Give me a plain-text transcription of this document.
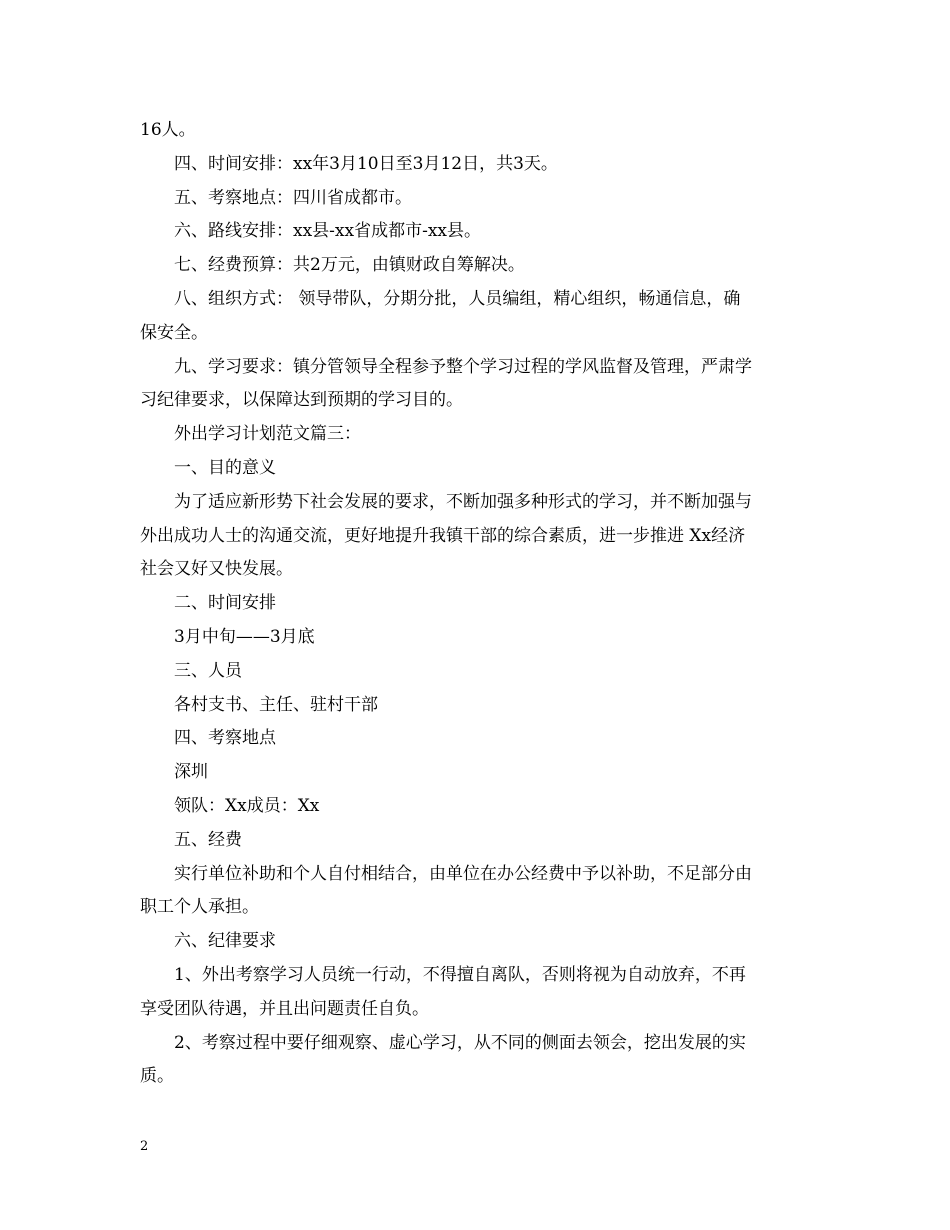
16人。
四、时间安排：xx年3月10日至3月12日，共3天。
五、考察地点：四川省成都市。
六、路线安排：xx县-xx省成都市-xx县。
七、经费预算：共2万元，由镇财政自筹解决。
八、组织方式： 领导带队，分期分批，人员编组，精心组织，畅通信息，确
保安全。
九、学习要求：镇分管领导全程参予整个学习过程的学风监督及管理，严肃学
习纪律要求，以保障达到预期的学习目的。
外出学习计划范文篇三：
一、目的意义
为了适应新形势下社会发展的要求，不断加强多种形式的学习，并不断加强与
外出成功人士的沟通交流，更好地提升我镇干部的综合素质，进一步推进 Xx经济
社会又好又快发展。
二、时间安排
3月中旬——3月底
三、人员
各村支书、主任、驻村干部
四、考察地点
深圳
领队：Xx成员：Xx
五、经费
实行单位补助和个人自付相结合，由单位在办公经费中予以补助，不足部分由
职工个人承担。
六、纪律要求
1、外出考察学习人员统一行动，不得擅自离队，否则将视为自动放弃，不再
享受团队待遇，并且出问题责任自负。
2、考察过程中要仔细观察、虚心学习，从不同的侧面去领会，挖出发展的实
质。
2
